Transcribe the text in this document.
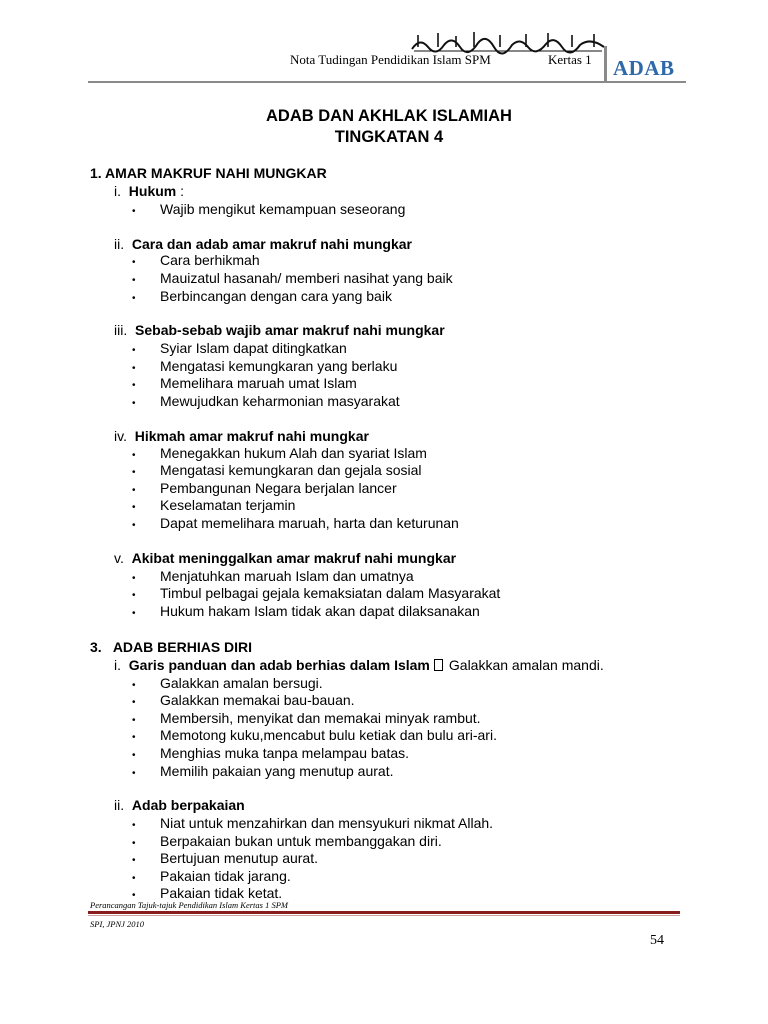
Nota Tudingan Pendidikan Islam SPM	Kertas 1 ADAB
ADAB DAN AKHLAK ISLAMIAH
TINGKATAN 4
1. AMAR MAKRUF NAHI MUNGKAR
i. Hukum :
• Wajib mengikut kemampuan seseorang
ii. Cara dan adab amar makruf nahi mungkar
• Cara berhikmah
• Mauizatul hasanah/ memberi nasihat yang baik
• Berbincangan dengan cara yang baik
iii. Sebab-sebab wajib amar makruf nahi mungkar
• Syiar Islam dapat ditingkatkan
• Mengatasi kemungkaran yang berlaku
• Memelihara maruah umat Islam
• Mewujudkan keharmonian masyarakat
iv. Hikmah amar makruf nahi mungkar
• Menegakkan hukum Alah dan syariat Islam
• Mengatasi kemungkaran dan gejala sosial
• Pembangunan Negara berjalan lancer
• Keselamatan terjamin
• Dapat memelihara maruah, harta dan keturunan
v. Akibat meninggalkan amar makruf nahi mungkar
• Menjatuhkan maruah Islam dan umatnya
• Timbul pelbagai gejala kemaksiatan dalam Masyarakat
• Hukum hakam Islam tidak akan dapat dilaksanakan
3.   ADAB BERHIAS DIRI
i. Garis panduan dan adab berhias dalam Islam Galakkan amalan mandi.
• Galakkan amalan bersugi.
• Galakkan memakai bau-bauan.
• Membersih, menyikat dan memakai minyak rambut.
• Memotong kuku,mencabut bulu ketiak dan bulu ari-ari.
• Menghias muka tanpa melampau batas.
• Memilih pakaian yang menutup aurat.
ii. Adab berpakaian
• Niat untuk menzahirkan dan mensyukuri nikmat Allah.
• Berpakaian bukan untuk membanggakan diri.
• Bertujuan menutup aurat.
• Pakaian tidak jarang.
• Pakaian tidak ketat.
Perancangan Tajuk-tajuk Pendidikan Islam Kertas 1 SPM
SPI, JPNJ 2010
54
